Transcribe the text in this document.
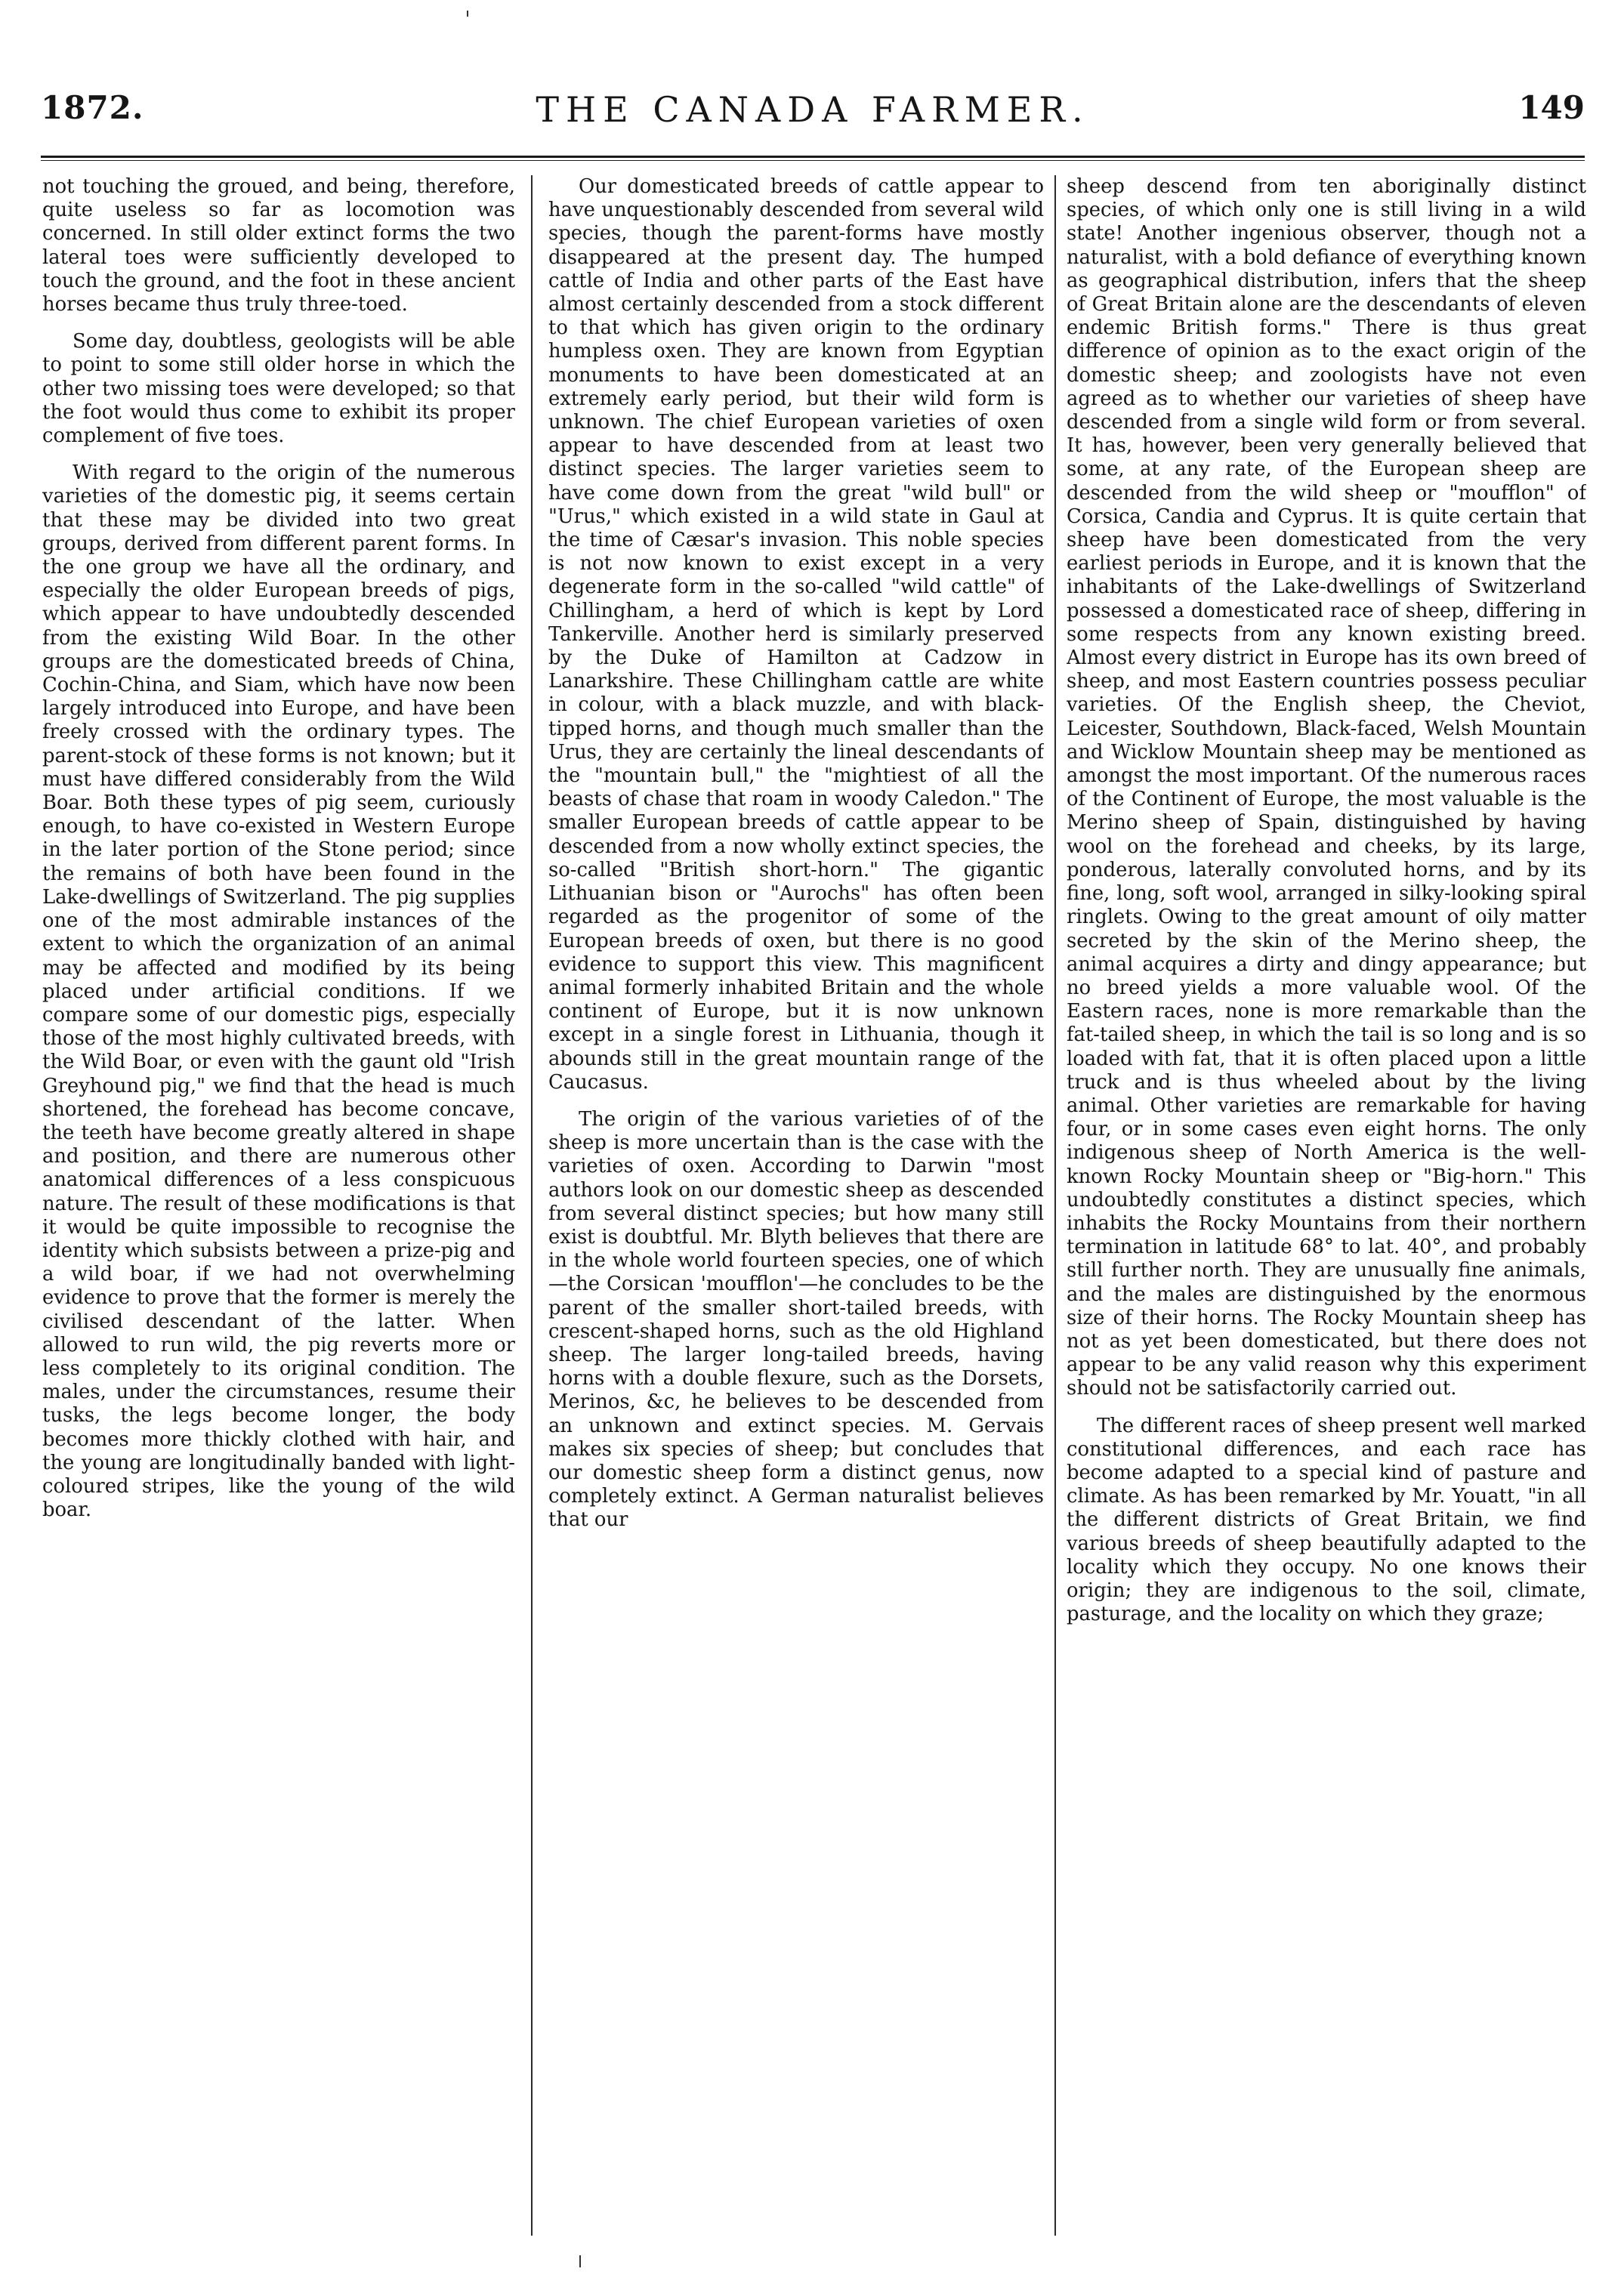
1872.	THE CANADA FARMER.	149

not touching the groued, and being, therefore, quite useless so far as locomotion was concerned. In still older extinct forms the two lateral toes were sufficiently developed to touch the ground, and the foot in these ancient horses became thus truly three-toed.

Some day, doubtless, geologists will be able to point to some still older horse in which the other two missing toes were developed; so that the foot would thus come to exhibit its proper complement of five toes.

With regard to the origin of the numerous varieties of the domestic pig, it seems certain that these may be divided into two great groups, derived from different parent forms. In the one group we have all the ordinary, and especially the older European breeds of pigs, which appear to have undoubtedly descended from the existing Wild Boar. In the other groups are the domesticated breeds of China, Cochin-China, and Siam, which have now been largely introduced into Europe, and have been freely crossed with the ordinary types. The parent-stock of these forms is not known; but it must have differed considerably from the Wild Boar. Both these types of pig seem, curiously enough, to have co-existed in Western Europe in the later portion of the Stone period; since the remains of both have been found in the Lake-dwellings of Switzerland. The pig supplies one of the most admirable instances of the extent to which the organization of an animal may be affected and modified by its being placed under artificial conditions. If we compare some of our domestic pigs, especially those of the most highly cultivated breeds, with the Wild Boar, or even with the gaunt old "Irish Greyhound pig," we find that the head is much shortened, the forehead has become concave, the teeth have become greatly altered in shape and position, and there are numerous other anatomical differences of a less conspicuous nature. The result of these modifications is that it would be quite impossible to recognise the identity which subsists between a prize-pig and a wild boar, if we had not overwhelming evidence to prove that the former is merely the civilised descendant of the latter. When allowed to run wild, the pig reverts more or less completely to its original condition. The males, under the circumstances, resume their tusks, the legs become longer, the body becomes more thickly clothed with hair, and the young are longitudinally banded with light-coloured stripes, like the young of the wild boar.

Our domesticated breeds of cattle appear to have unquestionably descended from several wild species, though the parent-forms have mostly disappeared at the present day. The humped cattle of India and other parts of the East have almost certainly descended from a stock different to that which has given origin to the ordinary humpless oxen. They are known from Egyptian monuments to have been domesticated at an extremely early period, but their wild form is unknown. The chief European varieties of oxen appear to have descended from at least two distinct species. The larger varieties seem to have come down from the great "wild bull" or "Urus," which existed in a wild state in Gaul at the time of Cæsar's invasion. This noble species is not now known to exist except in a very degenerate form in the so-called "wild cattle" of Chillingham, a herd of which is kept by Lord Tankerville. Another herd is similarly preserved by the Duke of Hamilton at Cadzow in Lanarkshire. These Chillingham cattle are white in colour, with a black muzzle, and with black-tipped horns, and though much smaller than the Urus, they are certainly the lineal descendants of the "mountain bull," the "mightiest of all the beasts of chase that roam in woody Caledon." The smaller European breeds of cattle appear to be descended from a now wholly extinct species, the so-called "British short-horn." The gigantic Lithuanian bison or "Aurochs" has often been regarded as the progenitor of some of the European breeds of oxen, but there is no good evidence to support this view. This magnificent animal formerly inhabited Britain and the whole continent of Europe, but it is now unknown except in a single forest in Lithuania, though it abounds still in the great mountain range of the Caucasus.

The origin of the various varieties of of the sheep is more uncertain than is the case with the varieties of oxen. According to Darwin "most authors look on our domestic sheep as descended from several distinct species; but how many still exist is doubtful. Mr. Blyth believes that there are in the whole world fourteen species, one of which—the Corsican 'moufflon'—he concludes to be the parent of the smaller short-tailed breeds, with crescent-shaped horns, such as the old Highland sheep. The larger long-tailed breeds, having horns with a double flexure, such as the Dorsets, Merinos, &c, he believes to be descended from an unknown and extinct species. M. Gervais makes six species of sheep; but concludes that our domestic sheep form a distinct genus, now completely extinct. A German naturalist believes that our

sheep descend from ten aboriginally distinct species, of which only one is still living in a wild state! Another ingenious observer, though not a naturalist, with a bold defiance of everything known as geographical distribution, infers that the sheep of Great Britain alone are the descendants of eleven endemic British forms." There is thus great difference of opinion as to the exact origin of the domestic sheep; and zoologists have not even agreed as to whether our varieties of sheep have descended from a single wild form or from several. It has, however, been very generally believed that some, at any rate, of the European sheep are descended from the wild sheep or "moufflon" of Corsica, Candia and Cyprus. It is quite certain that sheep have been domesticated from the very earliest periods in Europe, and it is known that the inhabitants of the Lake-dwellings of Switzerland possessed a domesticated race of sheep, differing in some respects from any known existing breed. Almost every district in Europe has its own breed of sheep, and most Eastern countries possess peculiar varieties. Of the English sheep, the Cheviot, Leicester, Southdown, Black-faced, Welsh Mountain and Wicklow Mountain sheep may be mentioned as amongst the most important. Of the numerous races of the Continent of Europe, the most valuable is the Merino sheep of Spain, distinguished by having wool on the forehead and cheeks, by its large, ponderous, laterally convoluted horns, and by its fine, long, soft wool, arranged in silky-looking spiral ringlets. Owing to the great amount of oily matter secreted by the skin of the Merino sheep, the animal acquires a dirty and dingy appearance; but no breed yields a more valuable wool. Of the Eastern races, none is more remarkable than the fat-tailed sheep, in which the tail is so long and is so loaded with fat, that it is often placed upon a little truck and is thus wheeled about by the living animal. Other varieties are remarkable for having four, or in some cases even eight horns. The only indigenous sheep of North America is the well-known Rocky Mountain sheep or "Big-horn." This undoubtedly constitutes a distinct species, which inhabits the Rocky Mountains from their northern termination in latitude 68° to lat. 40°, and probably still further north. They are unusually fine animals, and the males are distinguished by the enormous size of their horns. The Rocky Mountain sheep has not as yet been domesticated, but there does not appear to be any valid reason why this experiment should not be satisfactorily carried out.

The different races of sheep present well marked constitutional differences, and each race has become adapted to a special kind of pasture and climate. As has been remarked by Mr. Youatt, "in all the different districts of Great Britain, we find various breeds of sheep beautifully adapted to the locality which they occupy. No one knows their origin; they are indigenous to the soil, climate, pasturage, and the locality on which they graze;
